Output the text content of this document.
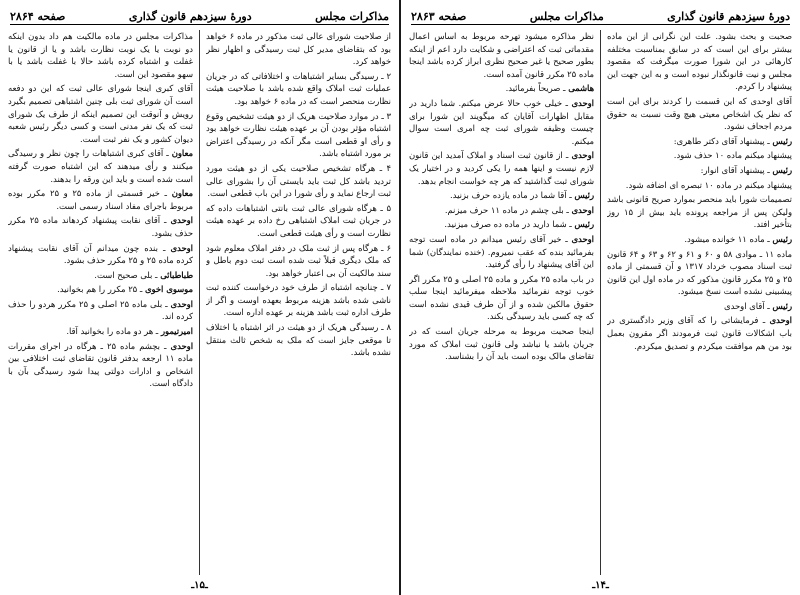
مذاکرات مجلس
دورهٔ سیزدهم قانون گذاری
صفحه ۲۸۶۴

از صلاحیت شورای عالی ثبت مذکور در ماده ۶ خواهد بود که بتقاضای مدیر کل ثبت رسیدگی و اظهار نظر خواهد کرد.

۲ ـ رسیدگی بسایر اشتباهات و اختلافاتی که در جریان عملیات ثبت املاک واقع شده باشد با صلاحیت هیئت نظارت منحصر است که در ماده ۶ خواهد بود.

۳ ـ در موارد صلاحیت هریک از دو هیئت تشخیص وقوع اشتباه مؤثر بودن آن بر عهده هیئت نظارت خواهد بود و رأی او قطعی است مگر آنکه در رسیدگی اعتراض بر مورد اشتباه باشد.

۴ ـ هرگاه تشخیص صلاحیت یکی از دو هیئت مورد تردید باشد کل ثبت باید بایستی آن را بشورای عالی ثبت ارجاع نماید و رأی شورا در این باب قطعی است.

۵ ـ هرگاه شورای عالی ثبت بانتی اشتباهات داده که در جریان ثبت املاک اشتباهی رخ داده بر عهده هیئت نظارت است و رأی هیئت قطعی است.

۶ ـ هرگاه پس از ثبت ملک در دفتر املاک معلوم شود که ملک دیگری قبلاً ثبت شده است ثبت دوم باطل و سند مالکیت آن بی اعتبار خواهد بود.

۷ ـ چنانچه اشتباه از طرف خود درخواست کننده ثبت ناشی شده باشد هزینه مربوط بعهده اوست و اگر از طرف اداره ثبت باشد هزینه بر عهده اداره است.

۸ ـ رسیدگی هریک از دو هیئت در اثر اشتباه یا اختلاف تا موقعی جایز است که ملک به شخص ثالث منتقل نشده باشد.

مذاکرات مجلس در ماده مالکیت هم داد بدون اینکه دو نوبت یا یک نوبت نظارت باشد و یا از قانون یا غفلت و اشتباه کرده باشد حالا با غفلت باشد یا با سهو مقصود این است.

آقای کبری اینجا شورای عالی ثبت که این دو دفعه است آن شورای ثبت بلی چنین اشتباهی تصمیم بگیرد رویش و آنوقت این تصمیم اینکه از طرف یک شورای ثبت که یک نفر مدنی است و کسی دیگر رئیس شعبه دیوان کشور و یک نفر ثبت است.

معاون ـ آقای کبری اشتباهات را چون نظر و رسیدگی میکنند و رأی میدهند که این اشتباه صورت گرفته است شده است و باید این ورقه را بدهند.

معاون ـ خیر قسمتی از ماده ۲۵ و ۲۵ مکرر بوده مربوط باجرای مفاد اسناد رسمی است.

اوحدی ـ آقای نقابت پیشنهاد کردهاند ماده ۲۵ مکرر حذف بشود.

اوحدی ـ بنده چون میدانم آن آقای نقابت پیشنهاد کرده ماده ۲۵ و ۲۵ مکرر حذف بشود.

طباطبائی ـ بلی صحیح است.

موسوی اخوی ـ ۲۵ مکرر را هم بخوانید.

اوحدی ـ بلی ماده ۲۵ اصلی و ۲۵ مکرر هردو را حذف کرده اند.

امیرتیمور ـ هر دو ماده را بخوانید آقا.

اوحدی ـ بچشم ماده ۲۵ ـ هرگاه در اجرای مقررات ماده ۱۱ ارجعه بدفتر قانون تقاضای ثبت اختلافی بین اشخاص و ادارات دولتی پیدا شود رسیدگی بآن با دادگاه است.

ـ۱۵ـ
دورهٔ سیزدهم قانون گذاری
مذاکرات مجلس
صفحه ۲۸۶۳

صحبت و بحث بشود. علت این نگرانی از این ماده بیشتر برای این است که در سابق بمناسبت مختلفه کارهائی در این شورا صورت میگرفت که مقصود مجلس و نیت قانونگذار نبوده است و به این جهت این پیشنهاد را کردم.

آقای اوحدی که این قسمت را کردند برای این است که نظر یک اشخاص معیتی هیچ وقت نسبت به حقوق مردم اجحاف نشود.

رئیس ـ پیشنهاد آقای دکتر طاهری:

پیشنهاد میکنم ماده ۱۰ حذف شود.

رئیس ـ پیشنهاد آقای انوار:

پیشنهاد میکنم در ماده ۱۰ تبصره ای اضافه شود.

تصمیمات شورا باید منحصر بموارد صریح قانونی باشد ولیکن پس از مراجعه پرونده باید بیش از ۱۵ روز بتأخیر افتد.

رئیس ـ ماده ۱۱ خوانده میشود.

ماده ۱۱ ـ موادی ۵۸ و ۶۰ و ۶۱ و ۶۲ و ۶۳ و ۶۴ قانون ثبت اسناد مصوب خرداد ۱۳۱۷ و آن قسمتی از ماده ۲۵ و ۲۵ مکرر قانون مذکور که در ماده اول این قانون پیشبینی نشده است نسخ میشود.

رئیس ـ آقای اوحدی

اوحدی ـ فرمایشاتی را که آقای وزیر دادگستری در باب اشکالات قانون ثبت فرمودند اگر مقرون بعمل بود من هم موافقت میکردم و تصدیق میکردم.

نظر مذاکره میشود تهرحه مربوط به اساس اعمال مقدماتی ثبت که اعتراضی و شکایت دارد اعم از اینکه بطور صحیح یا غیر صحیح نظری ابراز کرده باشد اینجا ماده ۲۵ مکرر قانون آمده است.

هاشمی ـ صریحاً بفرمائید.

اوحدی ـ خیلی خوب حالا عرض میکنم. شما دارید در مقابل اظهارات آقایان که میگویند این شورا برای چیست وظیفه شورای ثبت چه امری است سوال میکنم.

اوحدی ـ از قانون ثبت اسناد و املاک آمدید این قانون لازم نیست و اینها همه را یکی کردید و در اختیار یک شورای ثبت گذاشتید که هر چه خواست انجام بدهد.

رئیس ـ آقا شما در ماده یازده حرف بزنید.

اوحدی ـ بلی چشم در ماده ۱۱ حرف میزنم.

رئیس ـ شما دارید در ماده ده صرف میزنید.

اوحدی ـ خیر آقای رئیس میدانم در ماده است توجه بفرمائید بنده که عقب نمیروم. (خنده نمایندگان) شما این آقای پیشنهاد را رأی گرفتید.

در باب ماده ۲۵ مکرر و ماده ۲۵ اصلی و ۲۵ مکرر اگر خوب توجه نفرمائید ملاحظه میفرمائید اینجا سلب حقوق مالکین شده و از آن طرف قیدی نشده است که چه کسی باید رسیدگی بکند.

اینجا صحبت مربوط به مرحله جریان است که در جریان باشد یا نباشد ولی قانون ثبت املاک که مورد تقاضای مالک بوده است باید آن را بشناسد.

ـ۱۴ـ
